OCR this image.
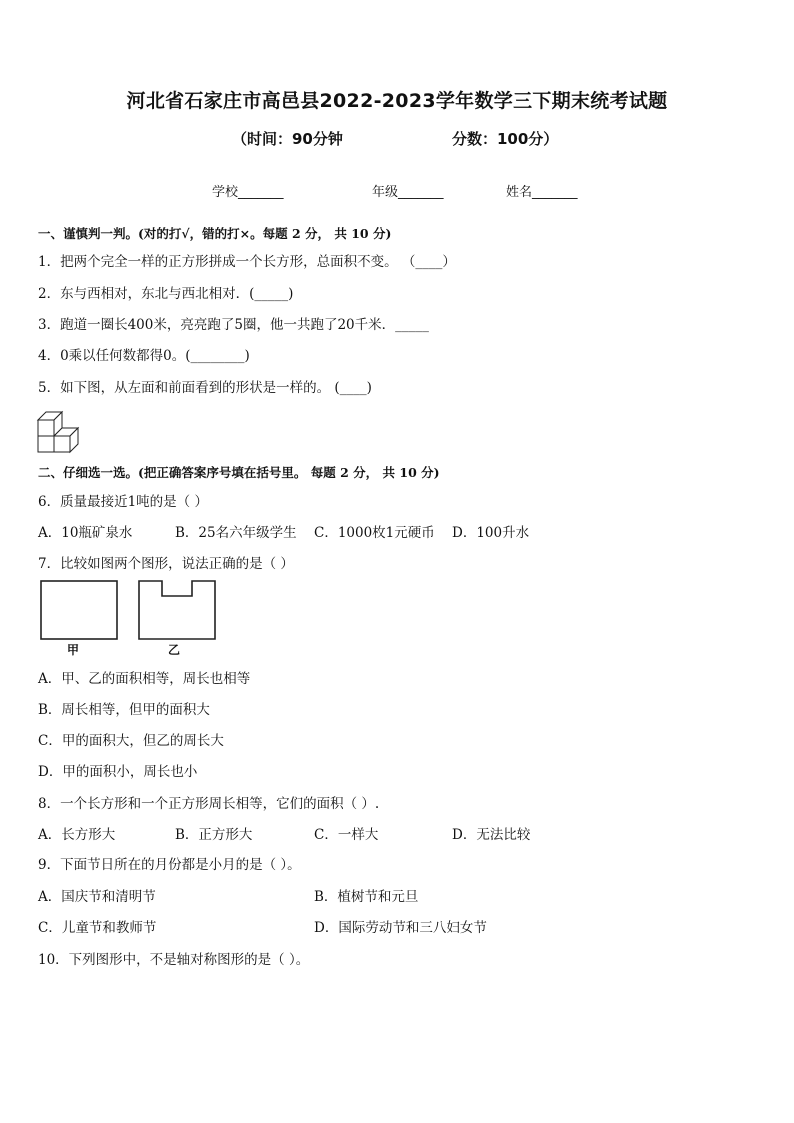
河北省石家庄市高邑县2022-2023学年数学三下期末统考试题
（时间：90分钟	分数：100分）
学校_______	年级_______	姓名_______
一、谨慎判一判。(对的打√，错的打×。每题 2 分， 共 10 分)
1．把两个完全一样的正方形拼成一个长方形，总面积不变。 （____）
2．东与西相对，东北与西北相对．(_____)
3．跑道一圈长400米，亮亮跑了5圈，他一共跑了20千米．_____
4．0乘以任何数都得0。(________)
5．如下图，从左面和前面看到的形状是一样的。 (____)
二、仔细选一选。(把正确答案序号填在括号里。 每题 2 分， 共 10 分)
6．质量最接近1吨的是（ ）
A．10瓶矿泉水	B．25名六年级学生 C．1000枚1元硬币 D．100升水
7．比较如图两个图形，说法正确的是（ ）
甲	乙
A．甲、乙的面积相等，周长也相等
B．周长相等，但甲的面积大
C．甲的面积大，但乙的周长大
D．甲的面积小，周长也小
8．一个长方形和一个正方形周长相等，它们的面积（ ）.
A．长方形大	B．正方形大	C．一样大	D．无法比较
9．下面节日所在的月份都是小月的是（ ）。
A．国庆节和清明节	B．植树节和元旦
C．儿童节和教师节	D．国际劳动节和三八妇女节
10．下列图形中，不是轴对称图形的是（ ）。
